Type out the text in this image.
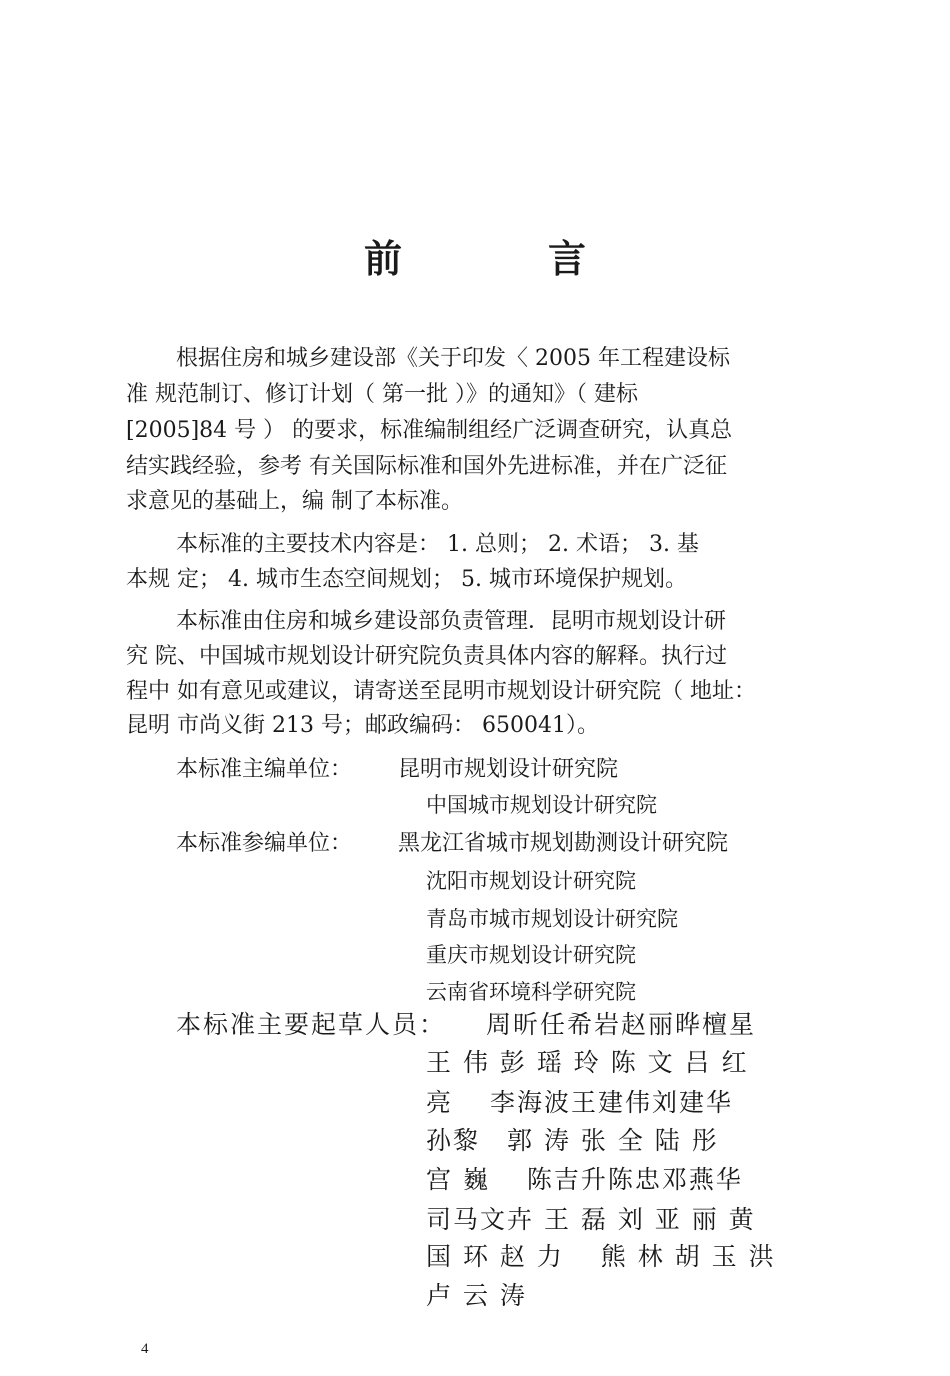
前　言
根据住房和城乡建设部《关于印发〈 2005 年工程建设标
准 规范制订、修订计划（ 第一批 ）》的通知》（ 建标
[2005]84 号 ） 的要求，标准编制组经广泛调查研究，认真总
结实践经验，参考 有关国际标准和国外先进标准，并在广泛征
求意见的基础上，编 制了本标准。
本标准的主要技术内容是： 1. 总则； 2. 术语； 3. 基
本规 定； 4. 城市生态空间规划； 5. 城市环境保护规划。
本标准由住房和城乡建设部负责管理．昆明市规划设计研
究 院、中国城市规划设计研究院负责具体内容的解释。执行过
程中 如有意见或建议，请寄送至昆明市规划设计研究院（ 地址：
昆明 市尚义街 213 号；邮政编码： 650041）。
本标准主编单位： 昆明市规划设计研究院
中国城市规划设计研究院
本标准参编单位： 黑龙江省城市规划勘测设计研究院
沈阳市规划设计研究院
青岛市城市规划设计研究院
重庆市规划设计研究院
云南省环境科学研究院
本标准主要起草人员： 周昕任希岩赵丽晔檀星
王 伟 彭 瑶 玲 陈 文 吕 红
亮　 李海波王建伟刘建华
孙黎　郭 涛 张 全 陆 彤
宫 巍　 陈吉升陈忠邓燕华
司马文卉 王 磊 刘 亚 丽 黄
国 环 赵 力　 熊 林 胡 玉 洪
卢 云 涛
4
